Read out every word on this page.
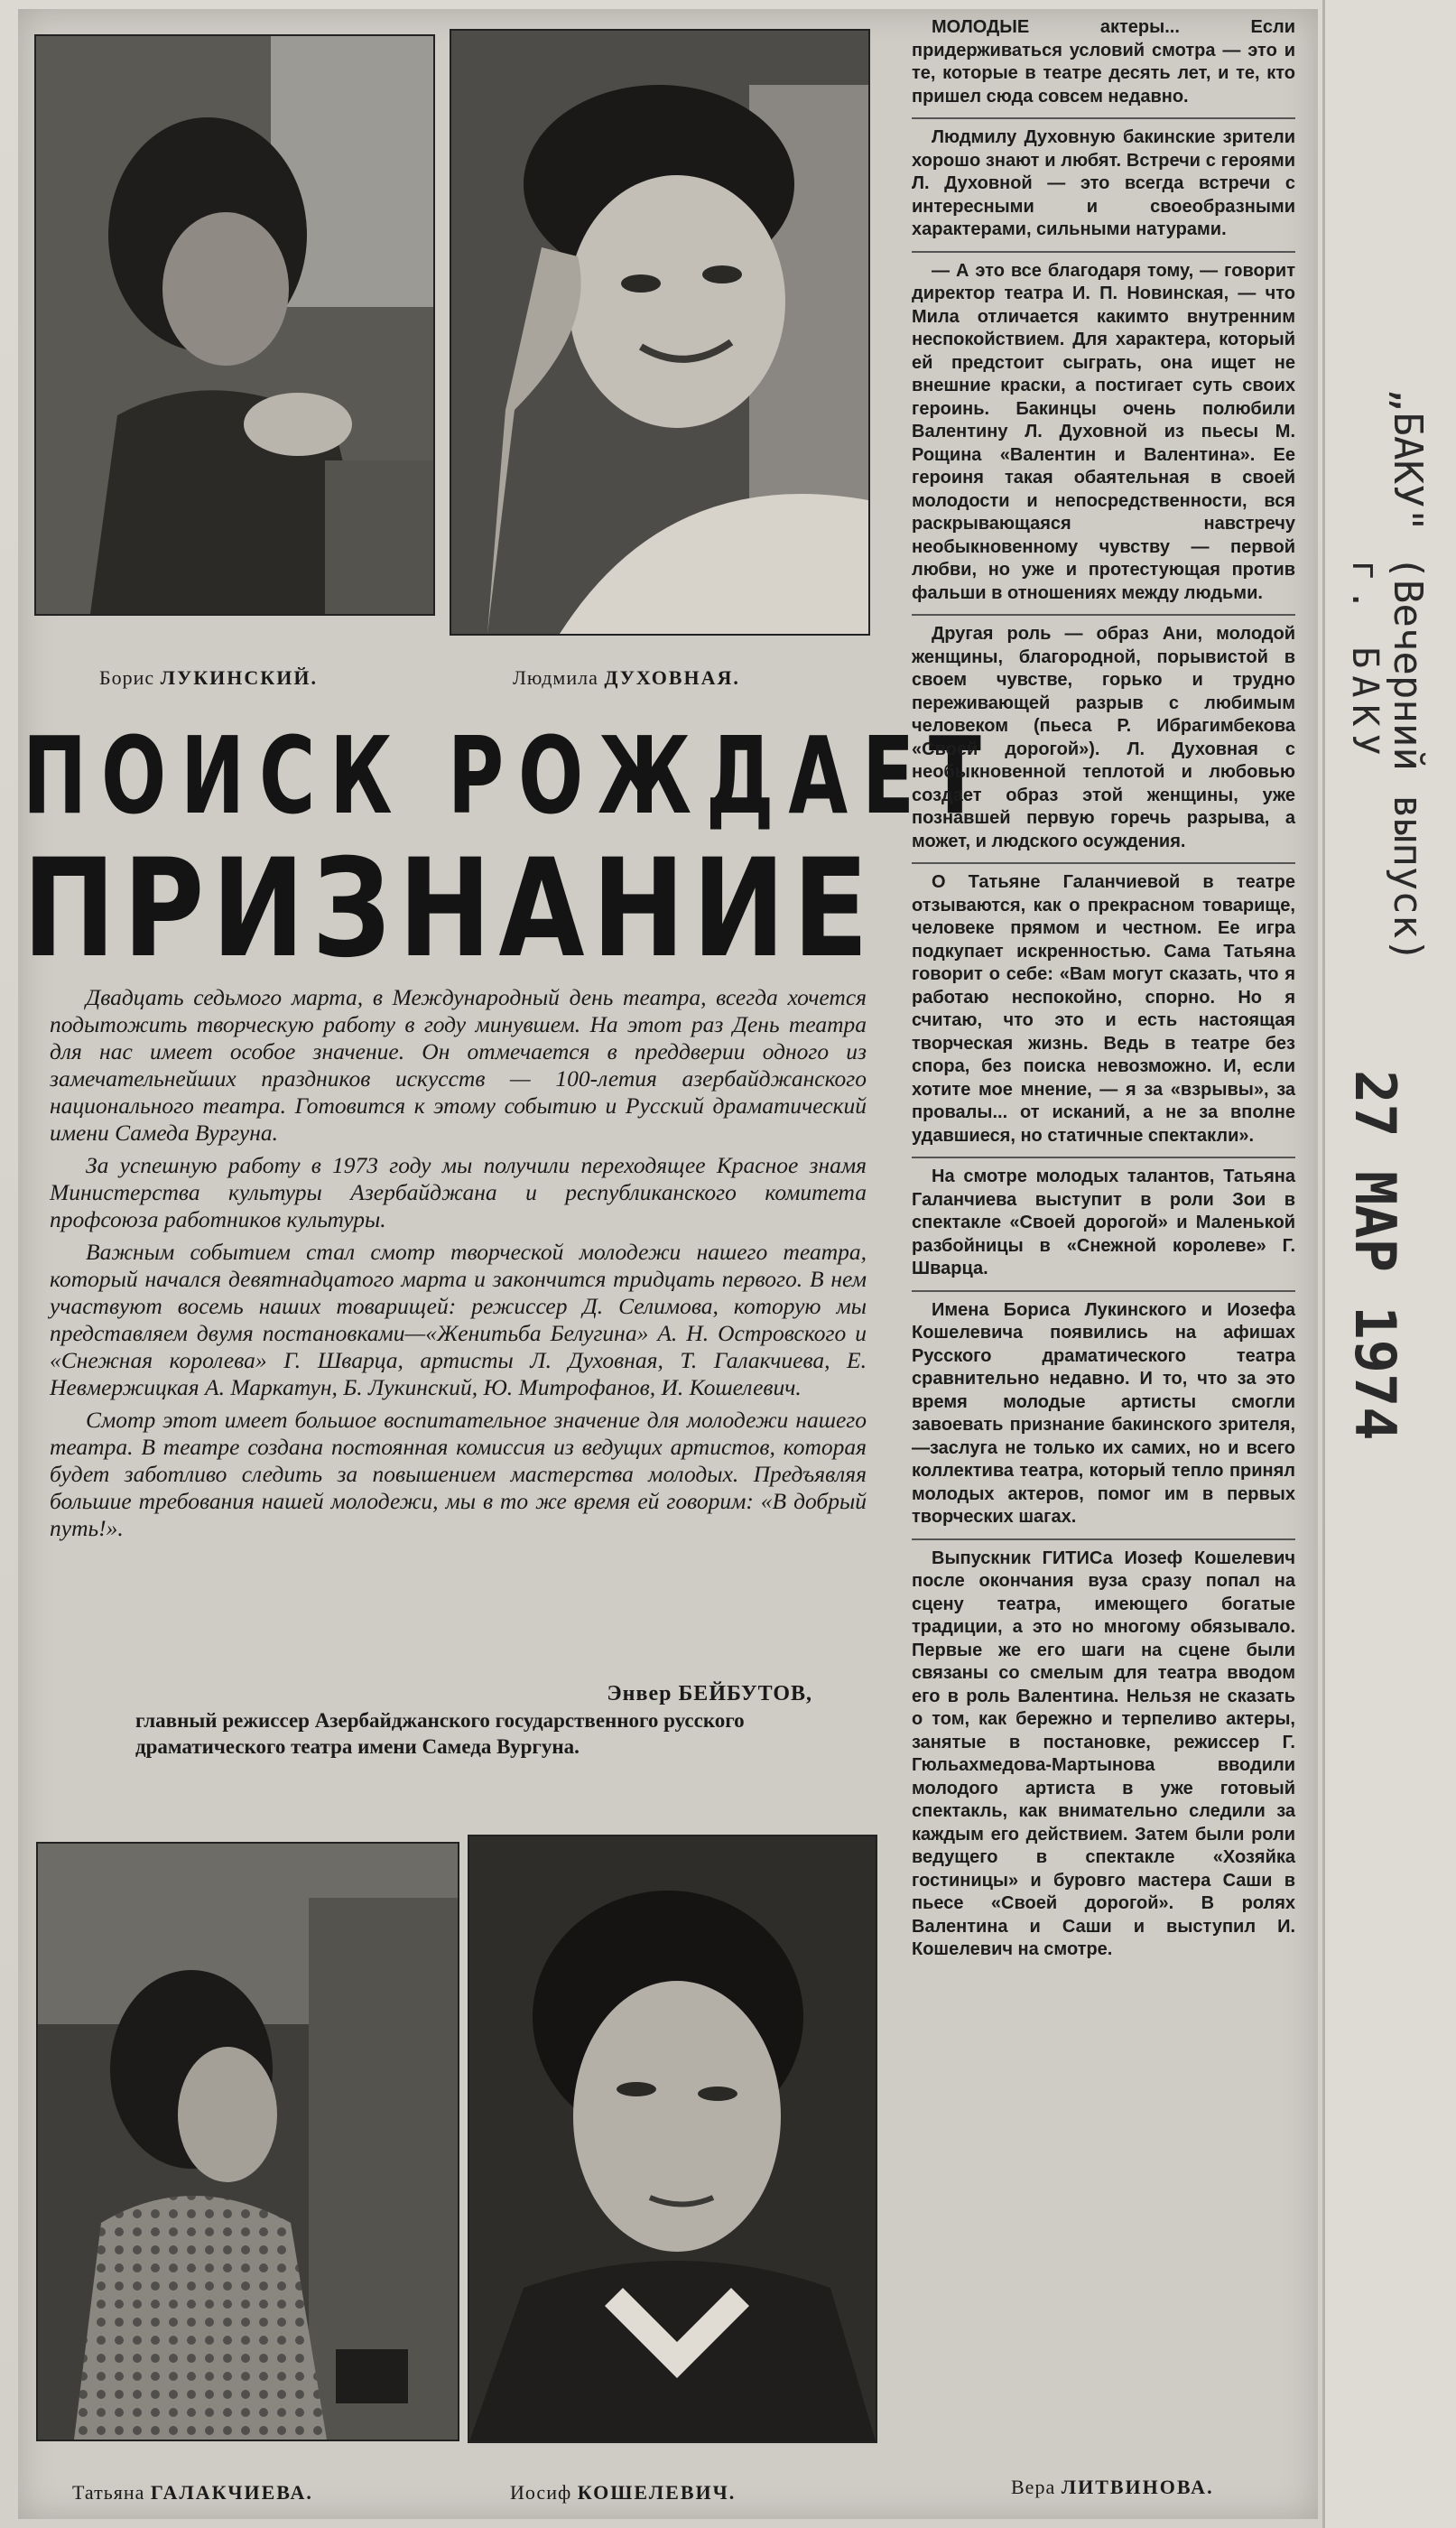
Борис ЛУКИНСКИЙ.	Людмила ДУХОВНАЯ.
ПОИСК РОЖДАЕТ
ПРИЗНАНИЕ

Двадцать седьмого марта, в Международный день театра, всегда хочется подытожить творческую работу в году минувшем. На этот раз День театра для нас имеет особое значение. Он отмечается в преддверии одного из замечательнейших праздников искусств — 100-летия азербайджанского национального театра. Готовится к этому событию и Русский драматический имени Самеда Вургуна.

За успешную работу в 1973 году мы получили переходящее Красное знамя Министерства культуры Азербайджана и республиканского комитета профсоюза работников культуры.

Важным событием стал смотр творческой молодежи нашего театра, который начался девятнадцатого марта и закончится тридцать первого. В нем участвуют восемь наших товарищей: режиссер Д. Селимова, которую мы представляем двумя постановками—«Женитьба Белугина» А. Н. Островского и «Снежная королева» Г. Шварца, артисты Л. Духовная, Т. Галакчиева, Е. Невмержицкая А. Маркатун, Б. Лукинский, Ю. Митрофанов, И. Кошелевич.

Смотр этот имеет большое воспитательное значение для молодежи нашего театра. В театре создана постоянная комиссия из ведущих артистов, которая будет заботливо следить за повышением мастерства молодых. Предъявляя большие требования нашей молодежи, мы в то же время ей говорим: «В добрый путь!».

Энвер БЕЙБУТОВ,
главный режиссер Азербайджанского государственного русского драматического театра имени Самеда Вургуна.
Татьяна ГАЛАКЧИЕВА.	Иосиф КОШЕЛЕВИЧ.

МОЛОДЫЕ актеры... Если придерживаться условий смотра — это и те, которые в театре десять лет, и те, кто пришел сюда совсем недавно.

Людмилу Духовную бакинские зрители хорошо знают и любят. Встречи с героями Л. Духовной — это всегда встречи с интересными и своеобразными характерами, сильными натурами.

— А это все благодаря тому, — говорит директор театра И. П. Новинская, — что Мила отличается какимто внутренним неспокойствием. Для характера, который ей предстоит сыграть, она ищет не внешние краски, а постигает суть своих героинь. Бакинцы очень полюбили Валентину Л. Духовной из пьесы М. Рощина «Валентин и Валентина». Ее героиня такая обаятельная в своей молодости и непосредственности, вся раскрывающаяся навстречу необыкновенному чувству — первой любви, но уже и протестующая против фальши в отношениях между людьми.

Другая роль — образ Ани, молодой женщины, благородной, порывистой в своем чувстве, горько и трудно переживающей разрыв с любимым человеком (пьеса Р. Ибрагимбекова «Своей дорогой»). Л. Духовная с необыкновенной теплотой и любовью создает образ этой женщины, уже познавшей первую горечь разрыва, а может, и людского осуждения.

О Татьяне Галанчиевой в театре отзываются, как о прекрасном товарище, человеке прямом и честном. Ее игра подкупает искренностью. Сама Татьяна говорит о себе: «Вам могут сказать, что я работаю неспокойно, спорно. Но я считаю, что это и есть настоящая творческая жизнь. Ведь в театре без спора, без поиска невозможно. И, если хотите мое мнение, — я за «взрывы», за провалы... от исканий, а не за вполне удавшиеся, но статичные спектакли».

На смотре молодых талантов, Татьяна Галанчиева выступит в роли Зои в спектакле «Своей дорогой» и Маленькой разбойницы в «Снежной королеве» Г. Шварца.

Имена Бориса Лукинского и Иозефа Кошелевича появились на афишах Русского драматического театра сравнительно недавно. И то, что за это время молодые артисты смогли завоевать признание бакинского зрителя,—заслуга не только их самих, но и всего коллектива театра, который тепло принял молодых актеров, помог им в первых творческих шагах.

Выпускник ГИТИСа Иозеф Кошелевич после окончания вуза сразу попал на сцену театра, имеющего богатые традиции, а это но многому обязывало. Первые же его шаги на сцене были связаны со смелым для театра вводом его в роль Валентина. Нельзя не сказать о том, как бережно и терпеливо актеры, занятые в постановке, режиссер Г. Гюльахмедова-Мартынова вводили молодого артиста в уже готовый спектакль, как внимательно следили за каждым его действием. Затем были роли ведущего в спектакле «Хозяйка гостиницы» и буровго мастера Саши в пьесе «Своей дорогой». В ролях Валентина и Саши и выступил И. Кошелевич на смотре.

Вера ЛИТВИНОВА.
„БАКУ" (Вечерний выпуск)
г. БАКУ
27 МАР 1974
